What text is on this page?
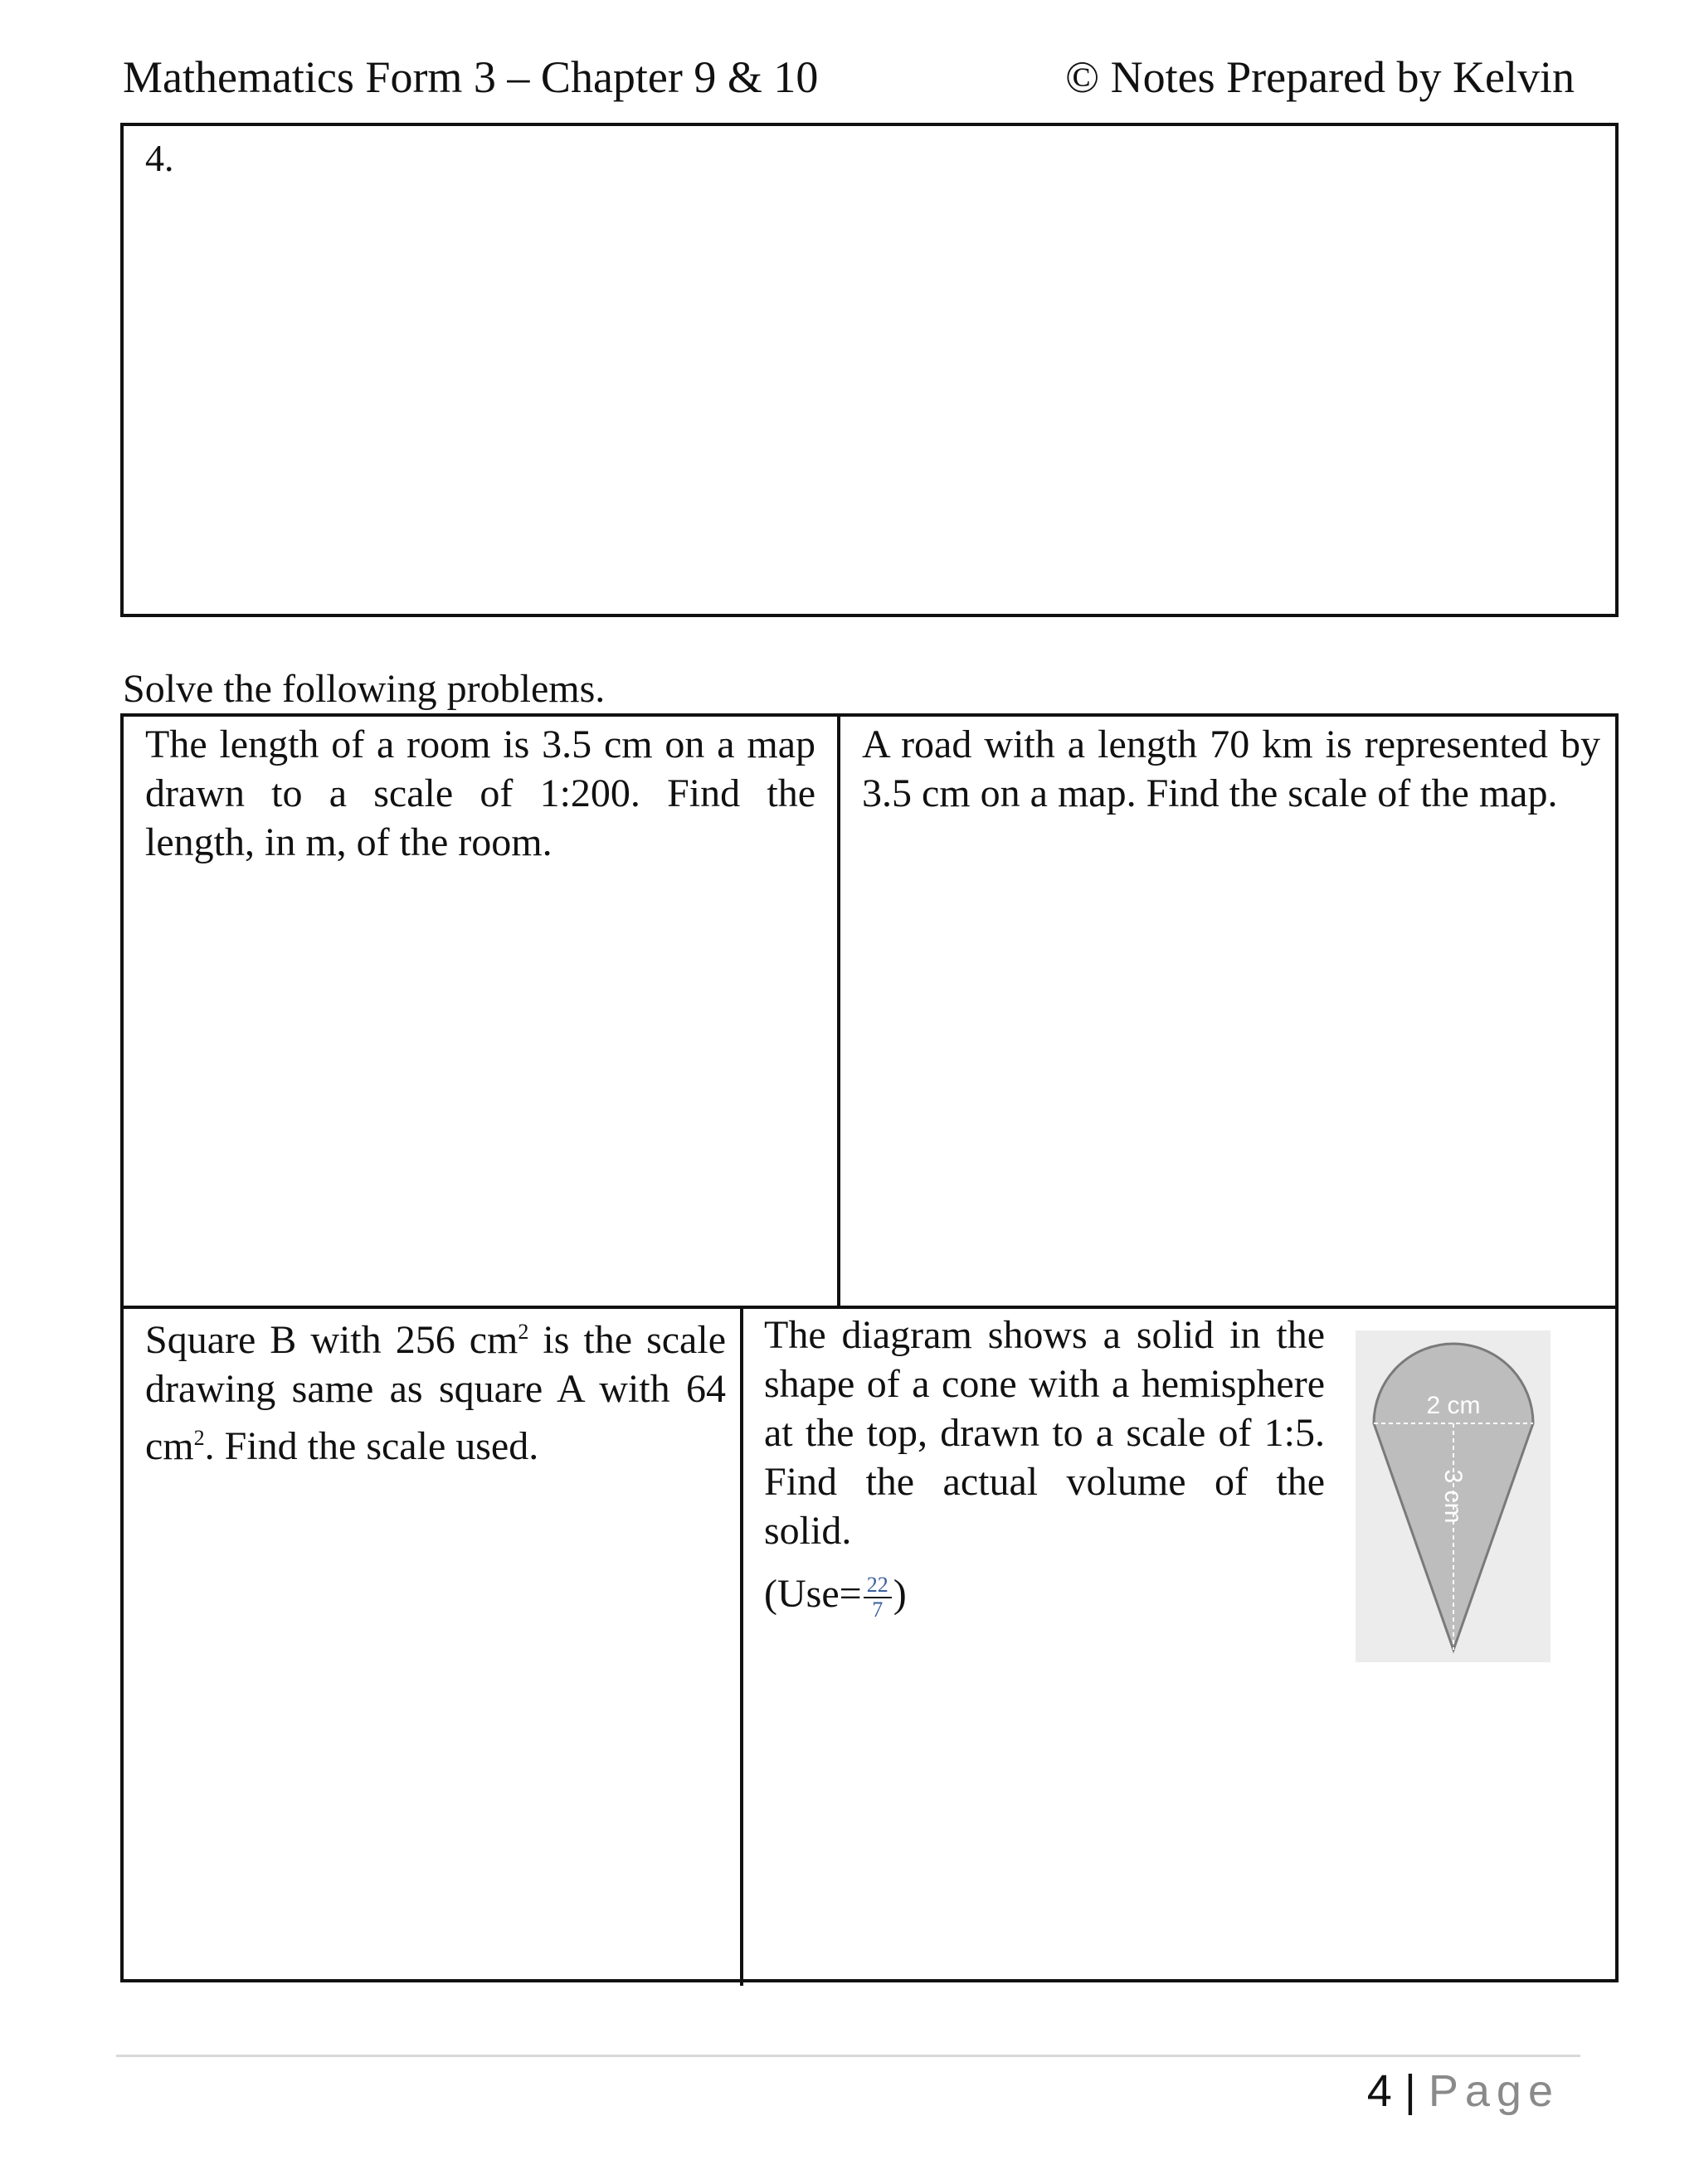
Mathematics Form 3 – Chapter 9 & 10	© Notes Prepared by Kelvin
4.
Solve the following problems.
The length of a room is 3.5 cm on a map drawn to a scale of 1:200. Find the length, in m, of the room.
A road with a length 70 km is represented by 3.5 cm on a map. Find the scale of the map.
Square B with 256 $cm^2$ is the scale drawing same as square A with 64 $cm^2$. Find the scale used.
The diagram shows a solid in the shape of a cone with a hemisphere at the top, drawn to a scale of 1:5. Find the actual volume of the solid.
($Use= \frac{22}{7}$ )
2 cm
3 cm
4 | Page
